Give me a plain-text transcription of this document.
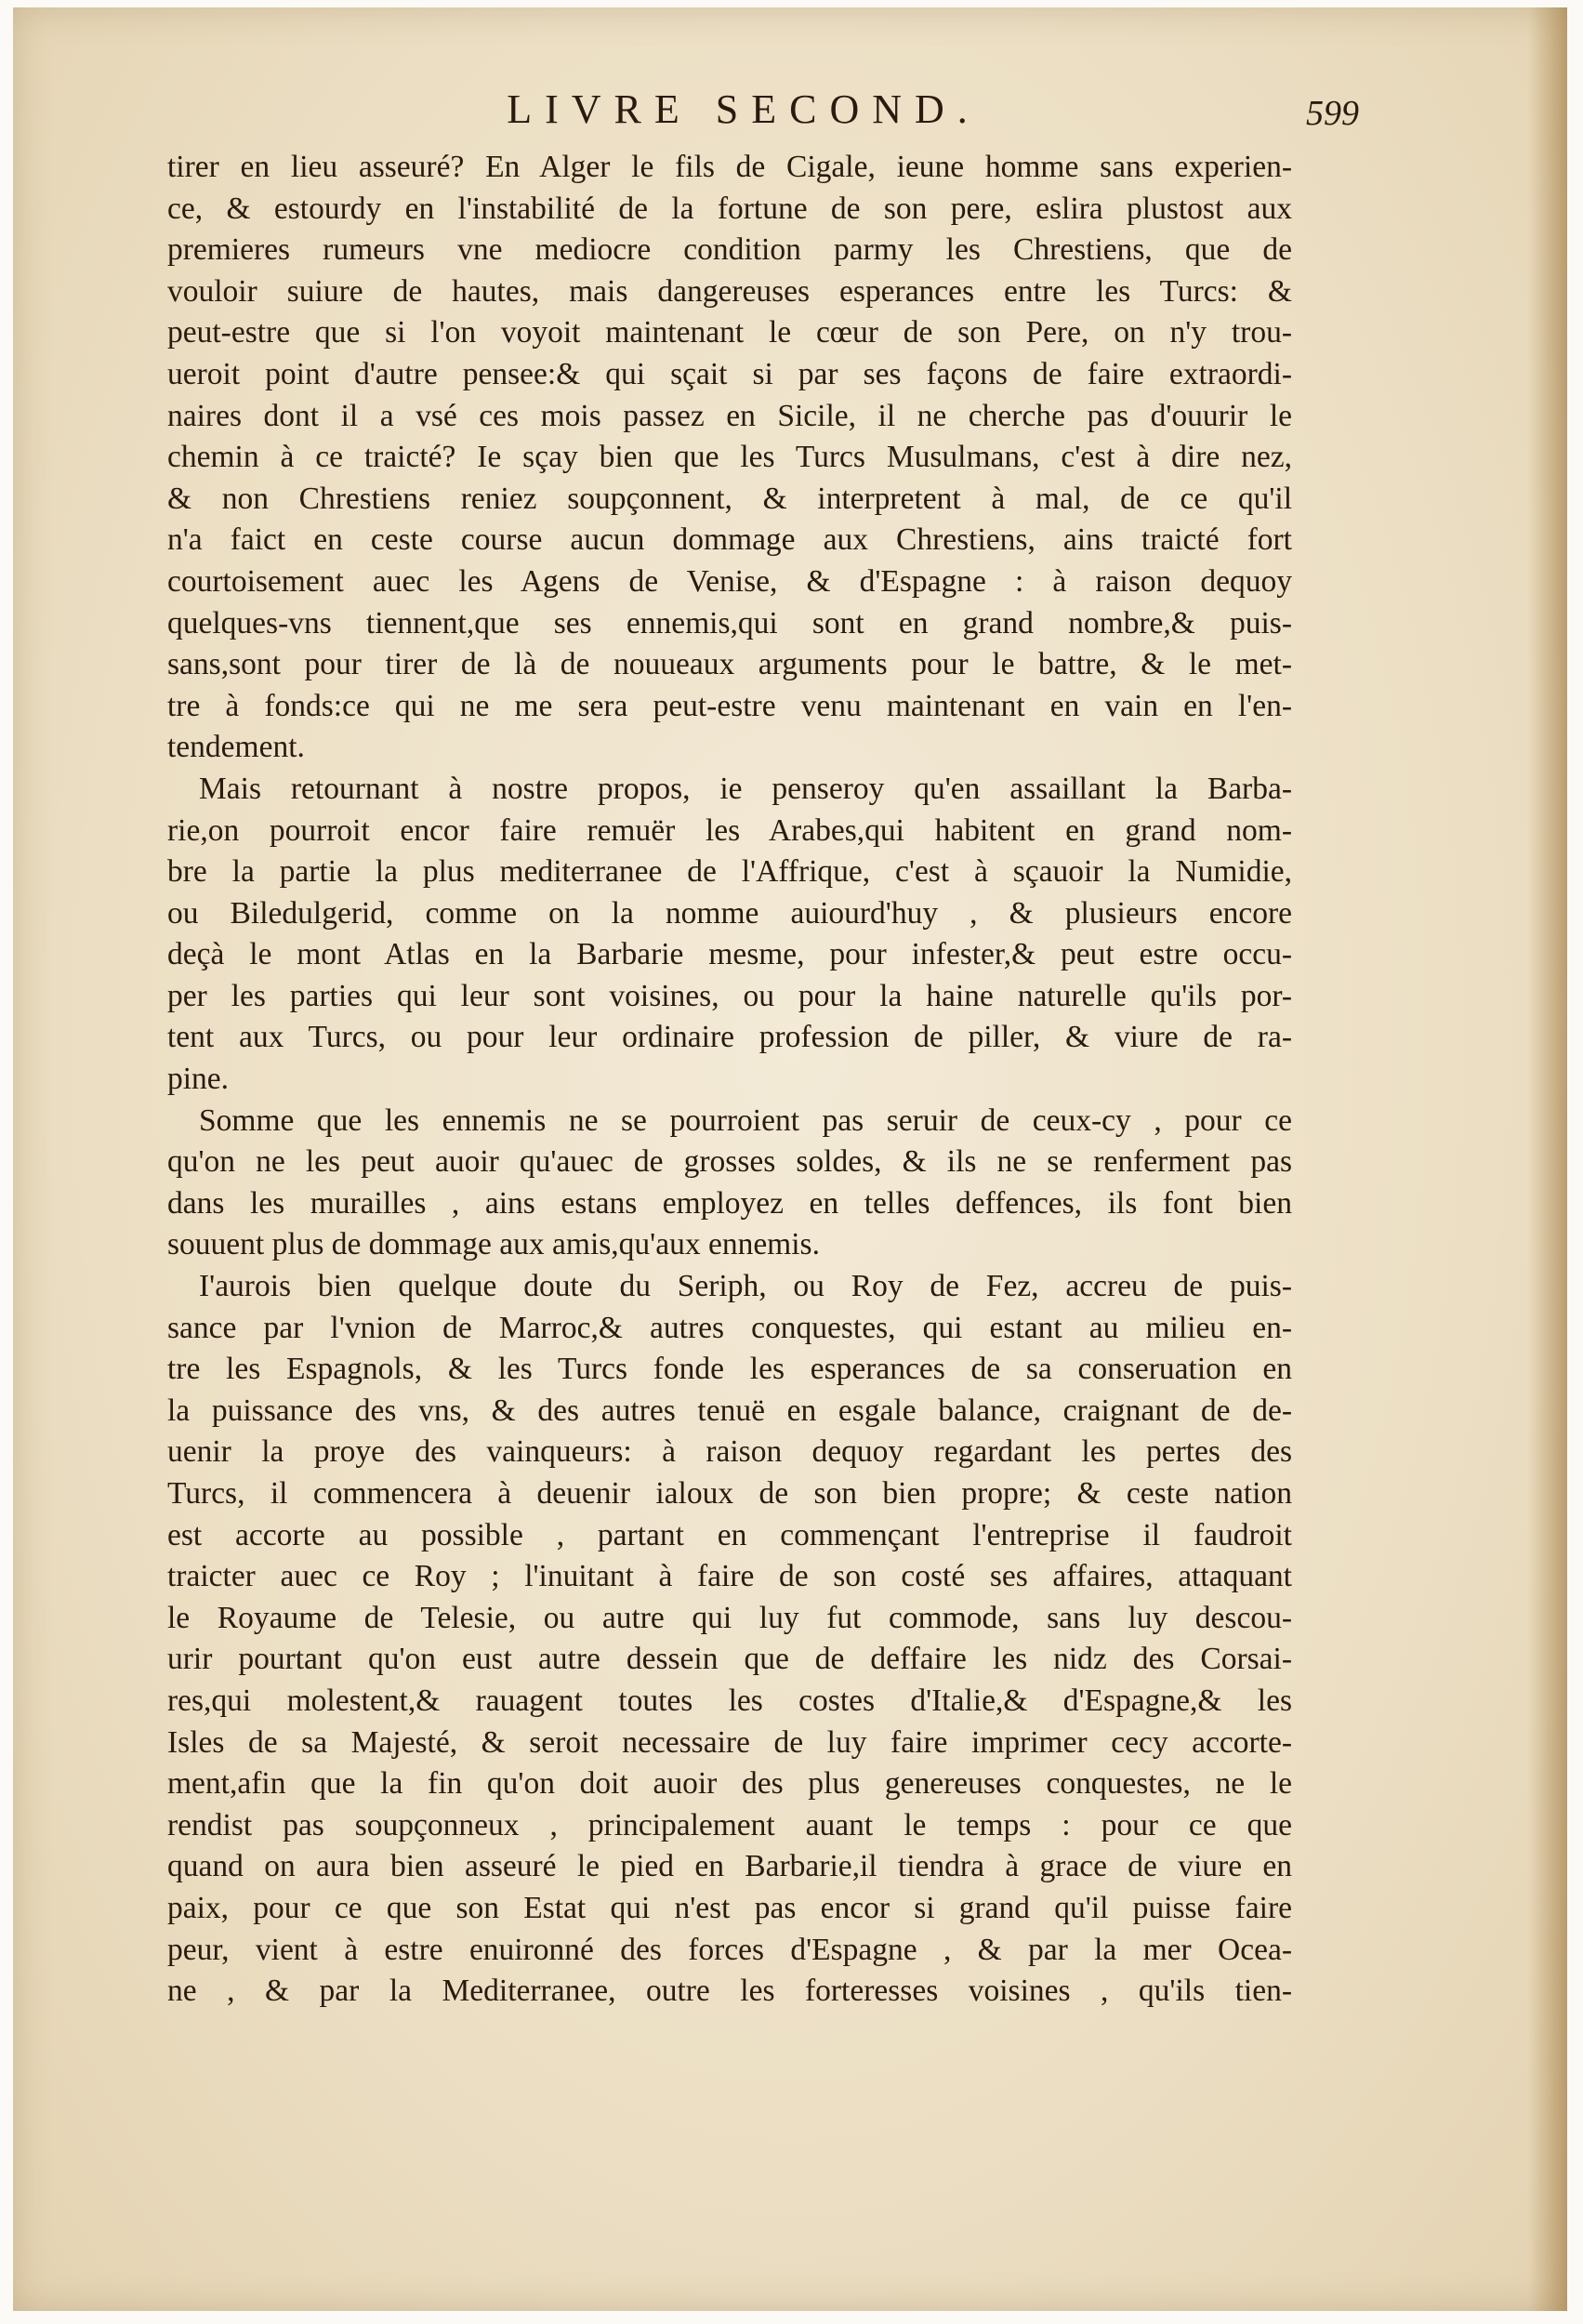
LIVRE SECOND.	599
tirer en lieu asseuré? En Alger le fils de Cigale, ieune homme sans experien-
ce, & estourdy en l'instabilité de la fortune de son pere, eslira plustost aux
premieres rumeurs vne mediocre condition parmy les Chrestiens, que de
vouloir suiure de hautes, mais dangereuses esperances entre les Turcs: &
peut-estre que si l'on voyoit maintenant le cœur de son Pere, on n'y trou-
ueroit point d'autre pensee:& qui sçait si par ses façons de faire extraordi-
naires dont il a vsé ces mois passez en Sicile, il ne cherche pas d'ouurir le
chemin à ce traicté? Ie sçay bien que les Turcs Musulmans, c'est à dire nez,
& non Chrestiens reniez soupçonnent, & interpretent à mal, de ce qu'il
n'a faict en ceste course aucun dommage aux Chrestiens, ains traicté fort
courtoisement auec les Agens de Venise, & d'Espagne : à raison dequoy
quelques-vns tiennent,que ses ennemis,qui sont en grand nombre,& puis-
sans,sont pour tirer de là de nouueaux arguments pour le battre, & le met-
tre à fonds:ce qui ne me sera peut-estre venu maintenant en vain en l'en-
tendement.
Mais retournant à nostre propos, ie penseroy qu'en assaillant la Barba-
rie,on pourroit encor faire remuër les Arabes,qui habitent en grand nom-
bre la partie la plus mediterranee de l'Affrique, c'est à sçauoir la Numidie,
ou Biledulgerid, comme on la nomme auiourd'huy , & plusieurs encore
deçà le mont Atlas en la Barbarie mesme, pour infester,& peut estre occu-
per les parties qui leur sont voisines, ou pour la haine naturelle qu'ils por-
tent aux Turcs, ou pour leur ordinaire profession de piller, & viure de ra-
pine.
Somme que les ennemis ne se pourroient pas seruir de ceux-cy , pour ce
qu'on ne les peut auoir qu'auec de grosses soldes, & ils ne se renferment pas
dans les murailles , ains estans employez en telles deffences, ils font bien
souuent plus de dommage aux amis,qu'aux ennemis.
I'aurois bien quelque doute du Seriph, ou Roy de Fez, accreu de puis-
sance par l'vnion de Marroc,& autres conquestes, qui estant au milieu en-
tre les Espagnols, & les Turcs fonde les esperances de sa conseruation en
la puissance des vns, & des autres tenuë en esgale balance, craignant de de-
uenir la proye des vainqueurs: à raison dequoy regardant les pertes des
Turcs, il commencera à deuenir ialoux de son bien propre; & ceste nation
est accorte au possible , partant en commençant l'entreprise il faudroit
traicter auec ce Roy ; l'inuitant à faire de son costé ses affaires, attaquant
le Royaume de Telesie, ou autre qui luy fut commode, sans luy descou-
urir pourtant qu'on eust autre dessein que de deffaire les nidz des Corsai-
res,qui molestent,& rauagent toutes les costes d'Italie,& d'Espagne,& les
Isles de sa Majesté, & seroit necessaire de luy faire imprimer cecy accorte-
ment,afin que la fin qu'on doit auoir des plus genereuses conquestes, ne le
rendist pas soupçonneux , principalement auant le temps : pour ce que
quand on aura bien asseuré le pied en Barbarie,il tiendra à grace de viure en
paix, pour ce que son Estat qui n'est pas encor si grand qu'il puisse faire
peur, vient à estre enuironné des forces d'Espagne , & par la mer Ocea-
ne , & par la Mediterranee, outre les forteresses voisines , qu'ils tien-
